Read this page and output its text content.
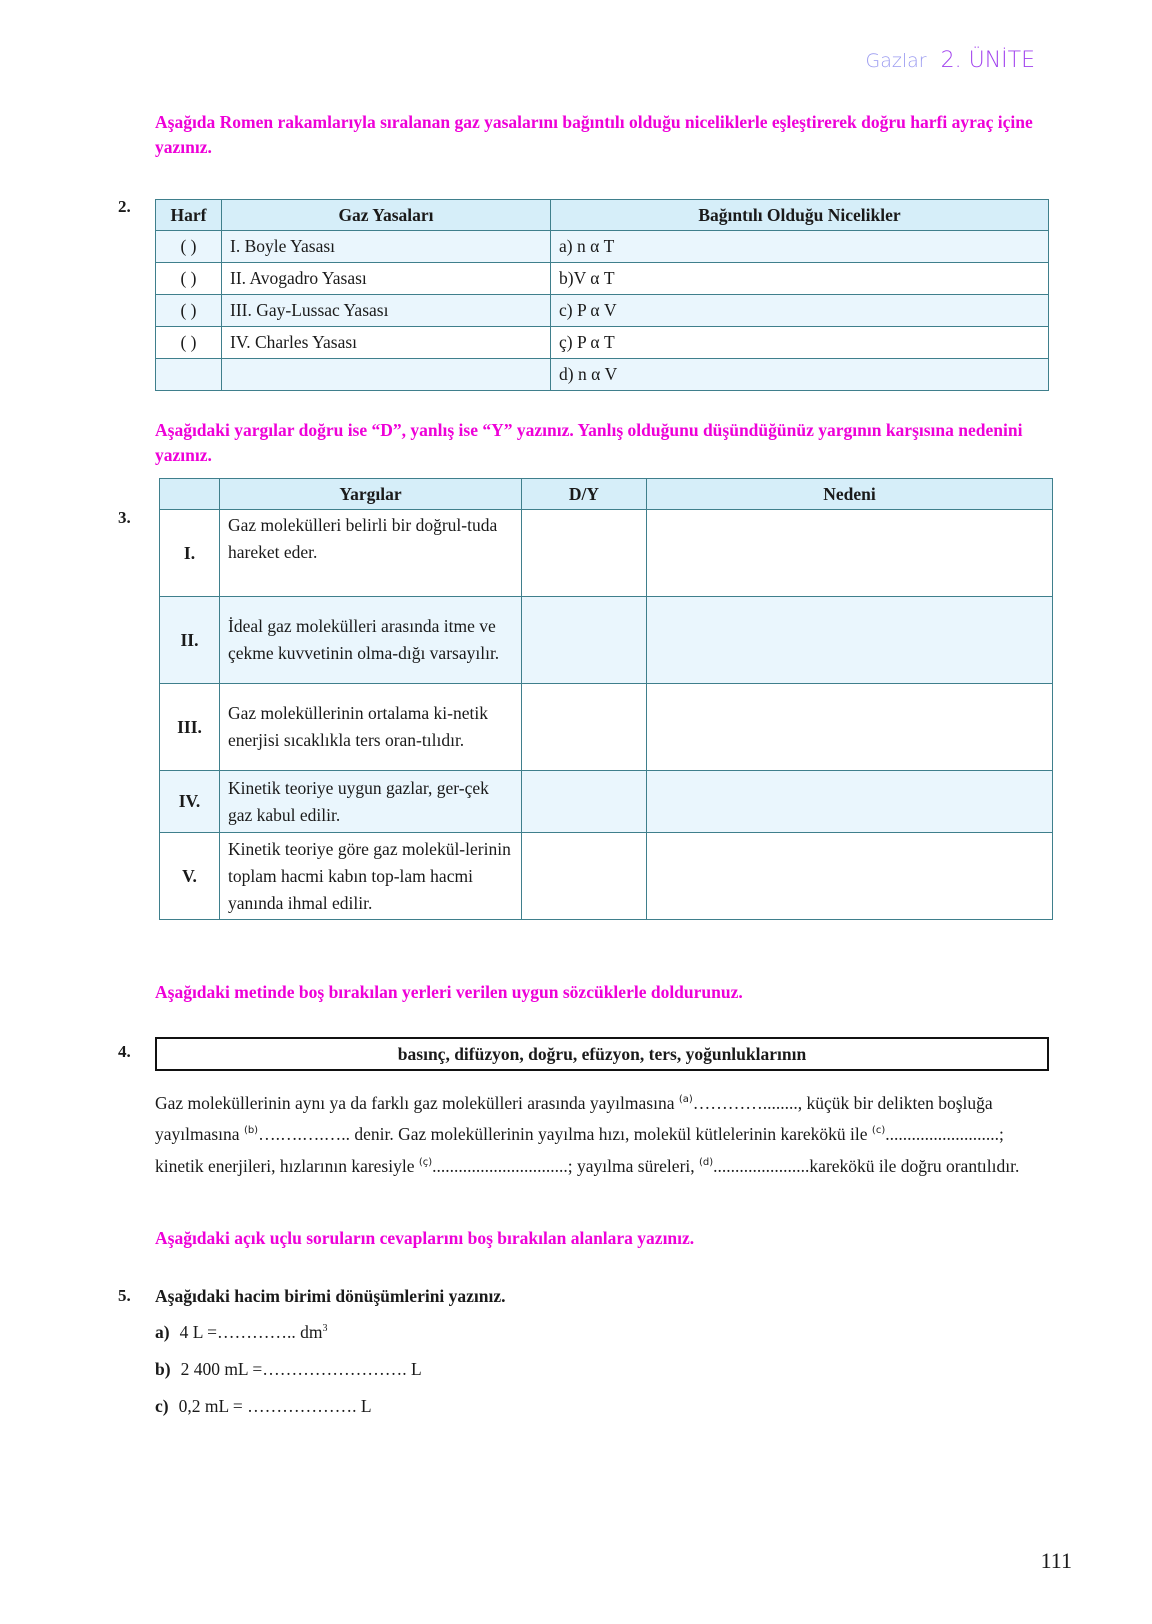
Gazlar 2. ÜNİTE
Aşağıda Romen rakamlarıyla sıralanan gaz yasalarını bağıntılı olduğu niceliklerle eşleştirerek doğru harfi ayraç içine yazınız.
2. Harf	Gaz Yasaları	Bağıntılı Olduğu Nicelikler
( )	I. Boyle Yasası	a) n α T
( )	II. Avogadro Yasası	b)V α T
( )	III. Gay-Lussac Yasası	c) P α V
( )	IV. Charles Yasası	ç) P α T
		d) n α V
Aşağıdaki yargılar doğru ise “D”, yanlış ise “Y” yazınız. Yanlış olduğunu düşündüğünüz yargının karşısına nedenini yazınız.
3.
	Yargılar	D/Y	Nedeni
I.	Gaz molekülleri belirli bir doğrul-tuda hareket eder.		
II.	İdeal gaz molekülleri arasında itme ve çekme kuvvetinin olma-dığı varsayılır.		
III.	Gaz moleküllerinin ortalama ki-netik enerjisi sıcaklıkla ters oran-tılıdır.		
IV.	Kinetik teoriye uygun gazlar, ger-çek gaz kabul edilir.		
V.	Kinetik teoriye göre gaz molekül-lerinin toplam hacmi kabın top-lam hacmi yanında ihmal edilir.		
Aşağıdaki metinde boş bırakılan yerleri verilen uygun sözcüklerle doldurunuz.
4.	basınç, difüzyon, doğru, efüzyon, ters, yoğunluklarının

Gaz moleküllerinin aynı ya da farklı gaz molekülleri arasında yayılmasına $^{(a)}$…………........, küçük bir delikten boşluğa yayılmasına $^{(b)}$….….….….. denir. Gaz moleküllerinin yayılma hızı, molekül kütlelerinin karekökü ile $^{(c)}$..........................; kinetik enerjileri, hızlarının karesiyle $^{(ç)}$...............................; yayılma süreleri, $^{(d)}$......................karekökü ile doğru orantılıdır.

Aşağıdaki açık uçlu soruların cevaplarını boş bırakılan alanlara yazınız.
5. Aşağıdaki hacim birimi dönüşümlerini yazınız.
a) 4 L =………….. $dm^3$
b) 2 400 mL =……………………. L
c) 0,2 mL = ………………. L
111
